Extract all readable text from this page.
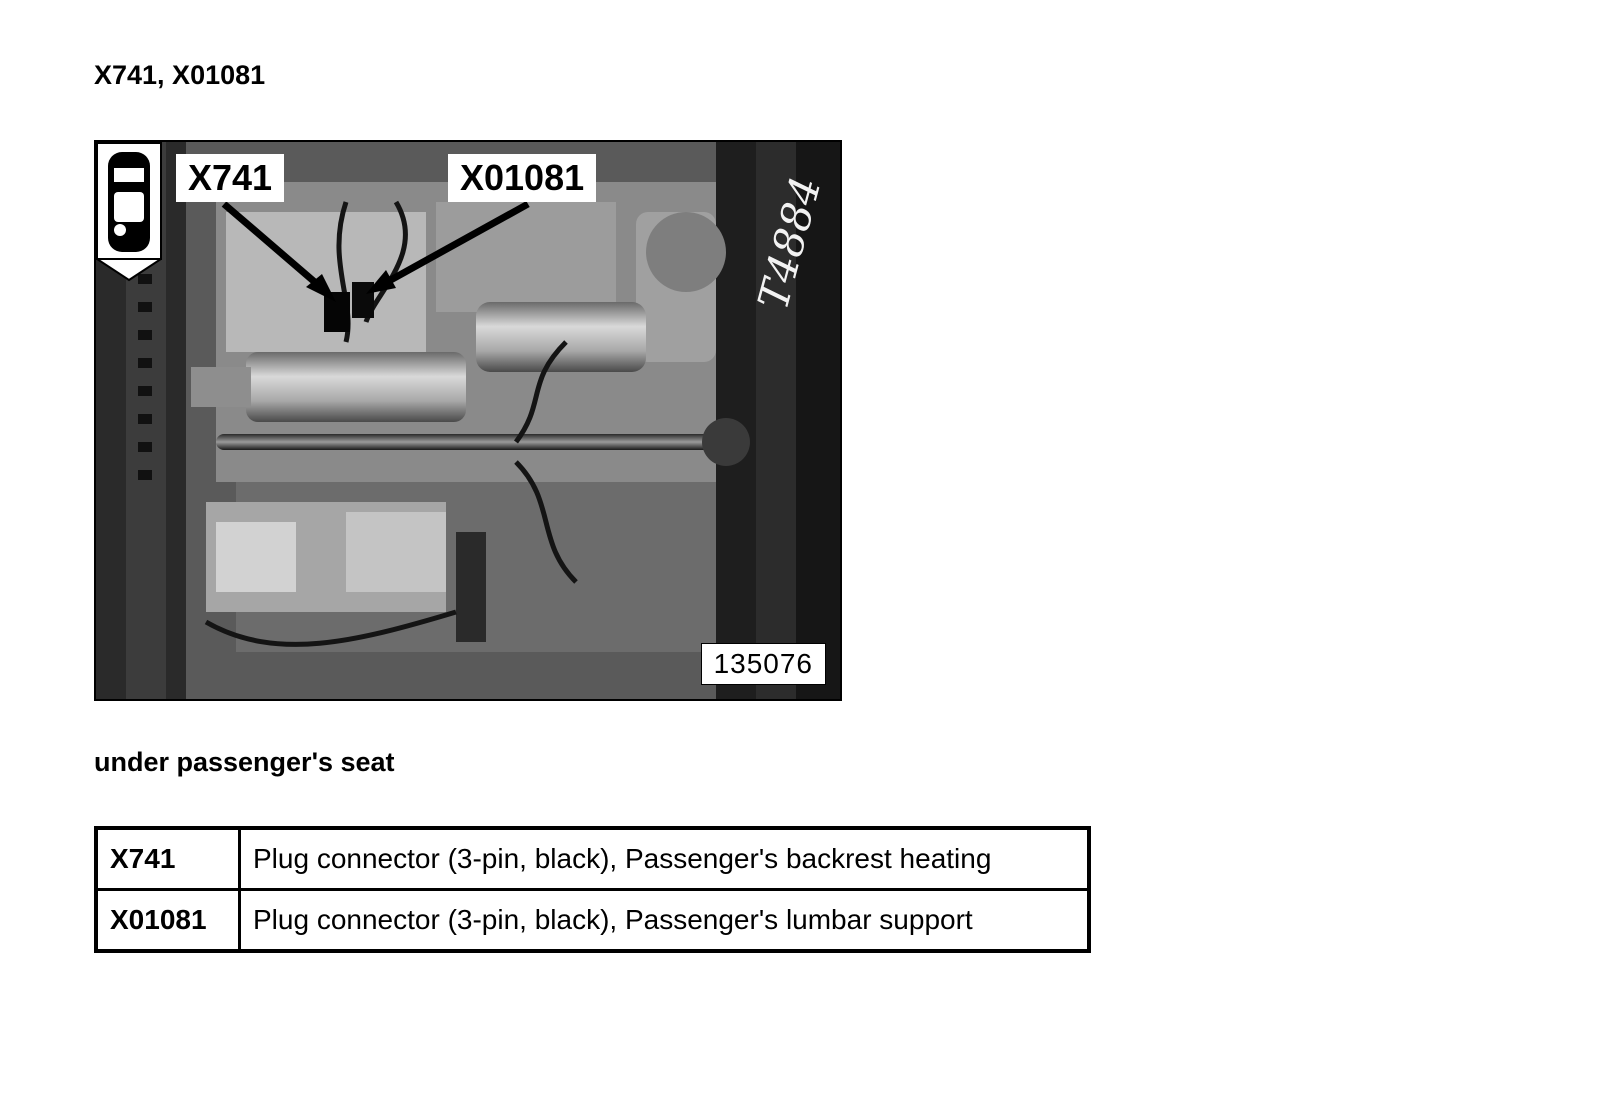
X741, X01081
T4884
X741	X01081
135076
under passenger's seat
X741	Plug connector (3-pin, black), Passenger's backrest heating
X01081	Plug connector (3-pin, black), Passenger's lumbar support
